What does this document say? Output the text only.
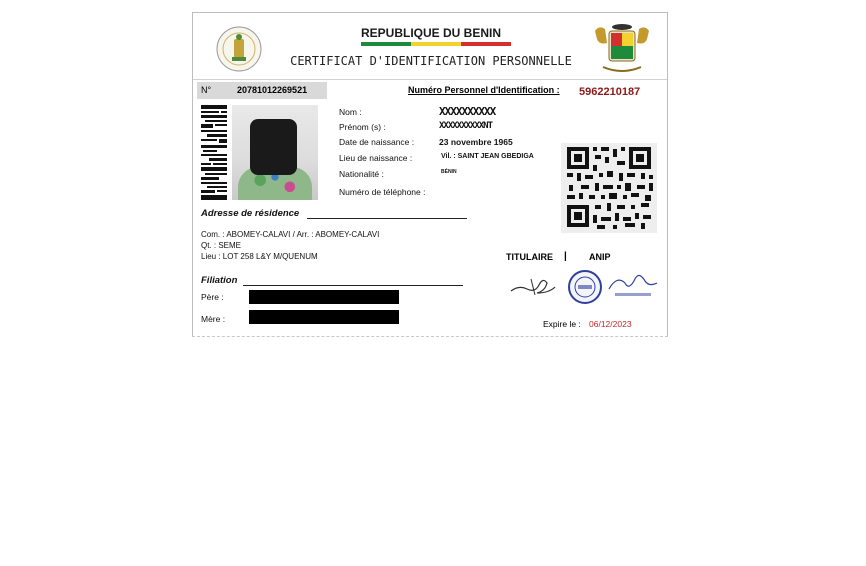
REPUBLIQUE DU BENIN
CERTIFICAT D'IDENTIFICATION PERSONNELLE
N°	20781012269521	Numéro Personnel d'Identification : 5962210187
Nom :	XXXXXXXXXX
Prénom (s) :	XXXXXXXXXXNT
Date de naissance :	23 novembre 1965
Lieu de naissance :	Vil. : SAINT JEAN GBEDIGA
Nationalité :	BÉNIN
Numéro de téléphone :
Adresse de résidence
Com. : ABOMEY-CALAVI / Arr. : ABOMEY-CALAVI
Qt. : SEME
Lieu : LOT 258 L&Y M/QUENUM
Filiation
Père :
Mère :
TITULAIRE | ANIP
Expire le : 06/12/2023
